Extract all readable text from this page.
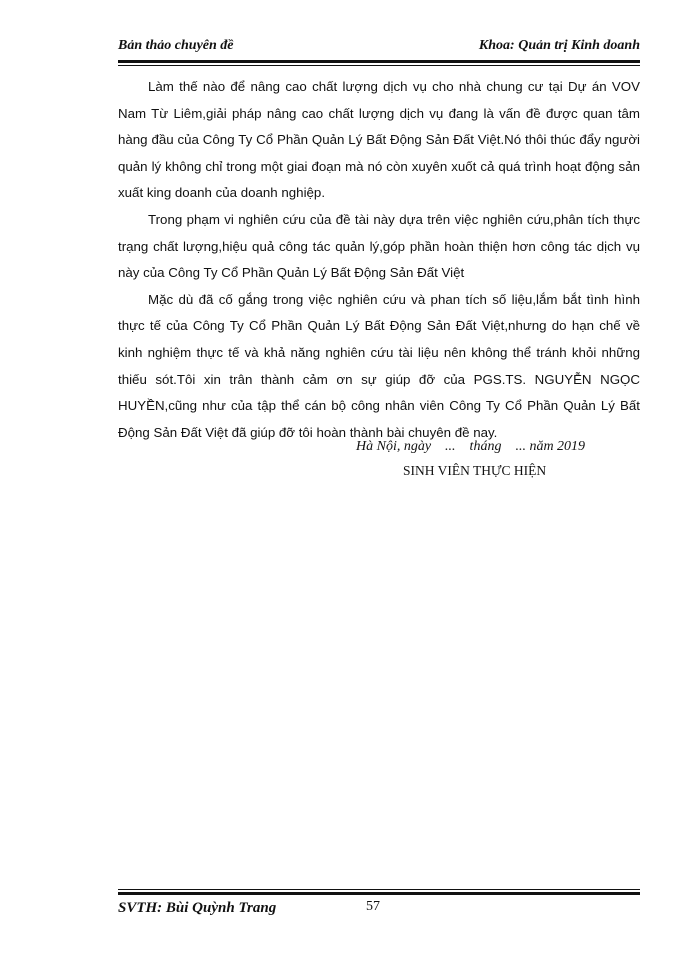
Bản thảo chuyên đề	Khoa: Quản trị Kinh doanh

Làm thế nào để nâng cao chất lượng dịch vụ cho nhà chung cư tại Dự án VOV Nam Từ Liêm,giải pháp nâng cao chất lượng dịch vụ đang là vấn đề được quan tâm hàng đầu của Công Ty Cổ Phần Quản Lý Bất Động Sản Đất Việt.Nó thôi thúc đẩy người quản lý không chỉ trong một giai đoạn mà nó còn xuyên xuốt cả quá trình hoạt động sản xuất king doanh của doanh nghiệp.

Trong phạm vi nghiên cứu của đề tài này dựa trên việc nghiên cứu,phân tích thực trạng chất lượng,hiệu quả công tác quản lý,góp phần hoàn thiện hơn công tác dịch vụ này của Công Ty Cổ Phần Quản Lý Bất Động Sản Đất Việt

Mặc dù đã cố gắng trong việc nghiên cứu và phan tích số liệu,lắm bắt tình hình thực tế của Công Ty Cổ Phần Quản Lý Bất Động Sản Đất Việt,nhưng do hạn chế về kinh nghiệm thực tế và khả năng nghiên cứu tài liệu nên không thể tránh khỏi những thiếu sót.Tôi xin trân thành cảm ơn sự giúp đỡ của PGS.TS. NGUYỄN NGỌC HUYỀN,cũng như của tập thể cán bộ công nhân viên Công Ty Cổ Phần Quản Lý Bất Động Sản Đất Việt đã giúp đỡ tôi hoàn thành bài chuyên đề nay.

Hà Nội, ngày    ...    tháng    ... năm 2019
SINH VIÊN THỰC HIỆN
SVTH: Bùi Quỳnh Trang	57
